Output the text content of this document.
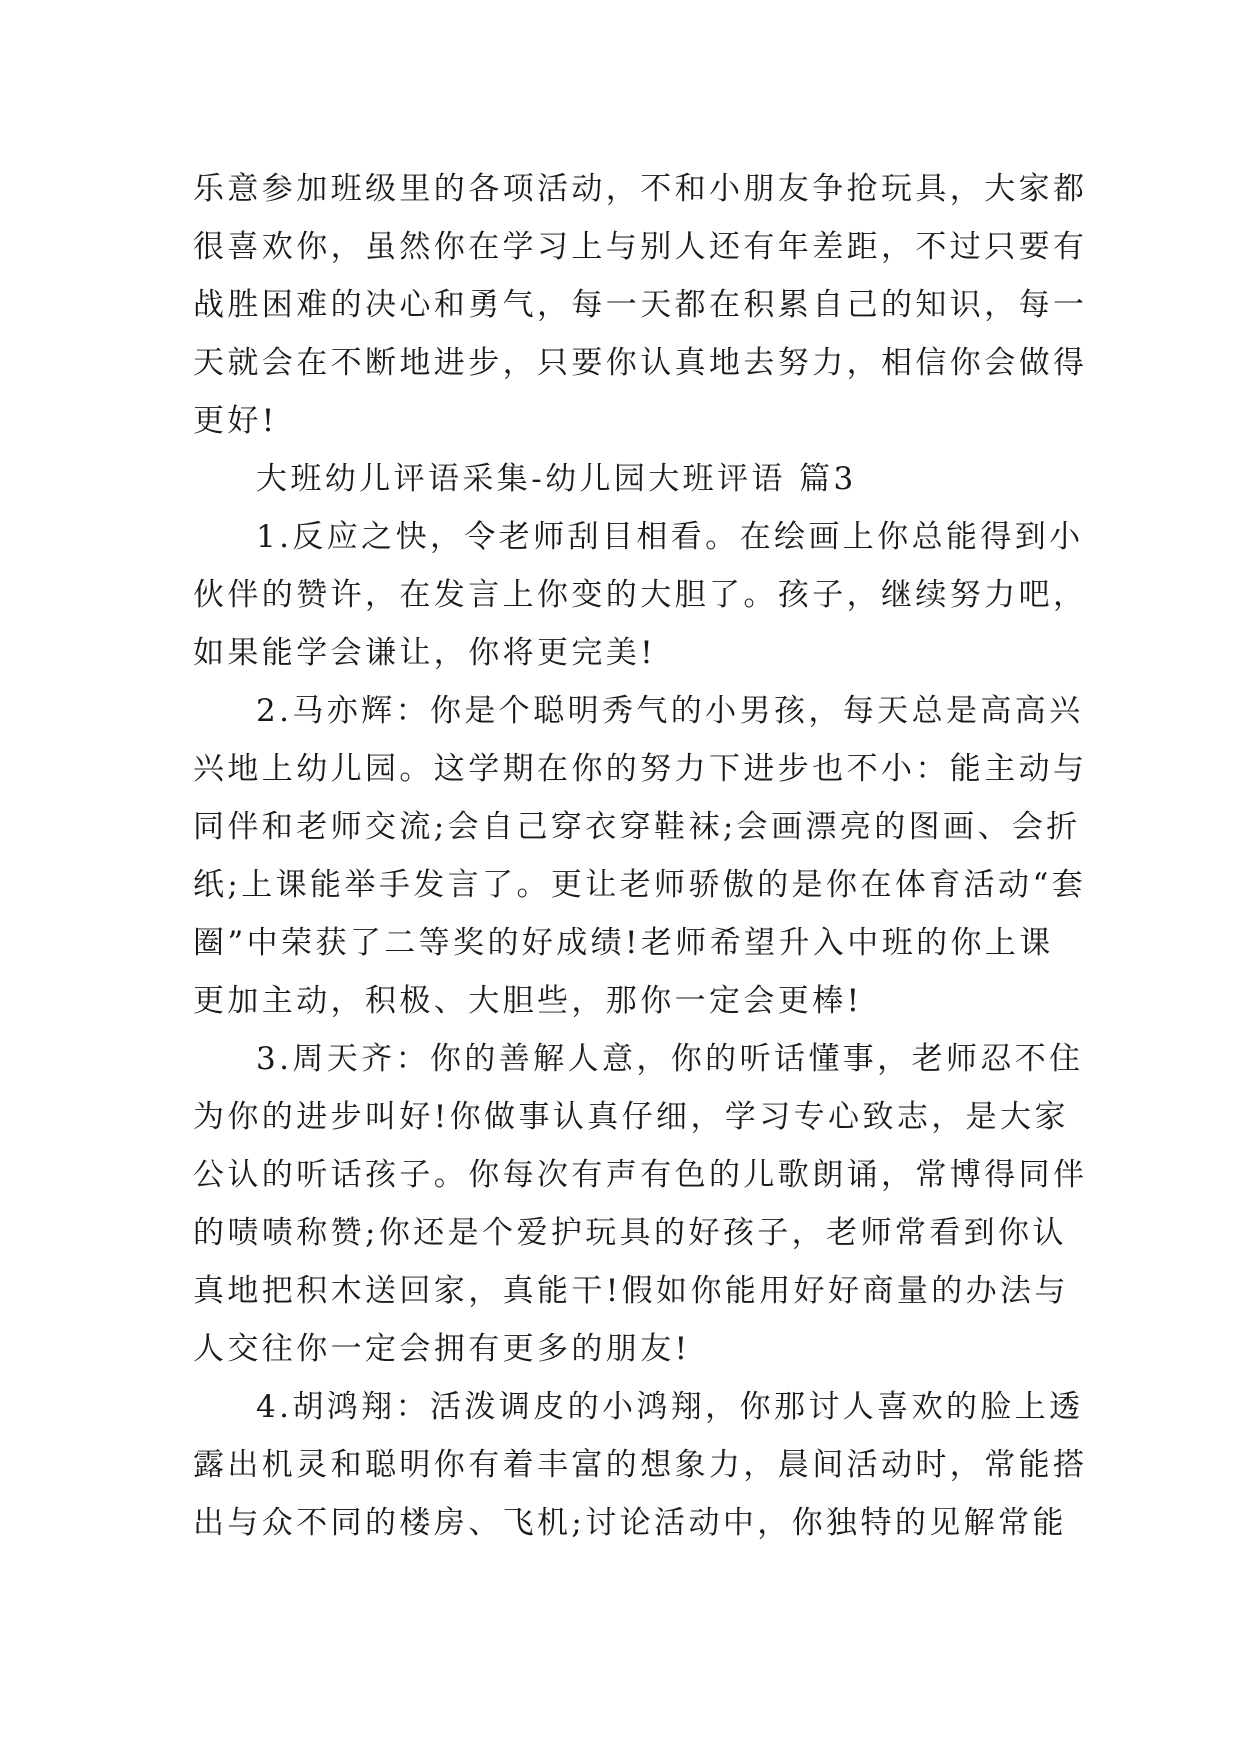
乐意参加班级里的各项活动，不和小朋友争抢玩具，大家都
很喜欢你，虽然你在学习上与别人还有年差距，不过只要有
战胜困难的决心和勇气，每一天都在积累自己的知识，每一
天就会在不断地进步，只要你认真地去努力，相信你会做得
更好!
大班幼儿评语采集-幼儿园大班评语 篇3
1.反应之快，令老师刮目相看。在绘画上你总能得到小
伙伴的赞许，在发言上你变的大胆了。孩子，继续努力吧，
如果能学会谦让，你将更完美!
2.马亦辉：你是个聪明秀气的小男孩，每天总是高高兴
兴地上幼儿园。这学期在你的努力下进步也不小：能主动与
同伴和老师交流;会自己穿衣穿鞋袜;会画漂亮的图画、会折
纸;上课能举手发言了。更让老师骄傲的是你在体育活动“套
圈”中荣获了二等奖的好成绩!老师希望升入中班的你上课
更加主动，积极、大胆些，那你一定会更棒!
3.周天齐：你的善解人意，你的听话懂事，老师忍不住
为你的进步叫好!你做事认真仔细，学习专心致志，是大家
公认的听话孩子。你每次有声有色的儿歌朗诵，常博得同伴
的啧啧称赞;你还是个爱护玩具的好孩子，老师常看到你认
真地把积木送回家，真能干!假如你能用好好商量的办法与
人交往你一定会拥有更多的朋友!
4.胡鸿翔：活泼调皮的小鸿翔，你那讨人喜欢的脸上透
露出机灵和聪明你有着丰富的想象力，晨间活动时，常能搭
出与众不同的楼房、飞机;讨论活动中，你独特的见解常能
